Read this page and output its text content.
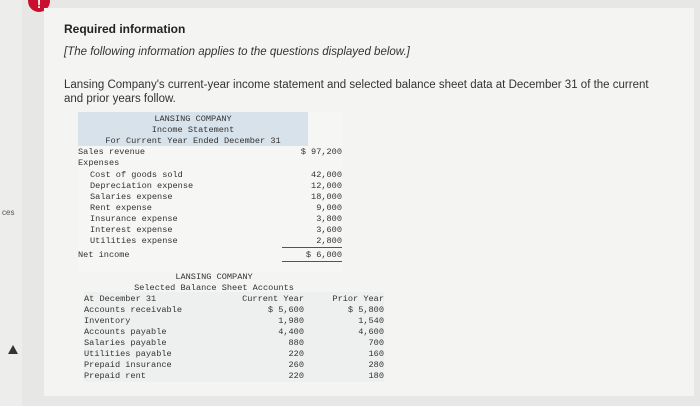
ces
!
Required information
[The following information applies to the questions displayed below.]
Lansing Company's current-year income statement and selected balance sheet data at December 31 of the current and prior years follow.
LANSING COMPANY
Income Statement
For Current Year Ended December 31
Sales revenue	$ 97,200
Expenses
Cost of goods sold	42,000
Depreciation expense	12,000
Salaries expense	18,000
Rent expense	9,000
Insurance expense	3,800
Interest expense	3,600
Utilities expense	2,800
Net income	$ 6,000
LANSING COMPANY
Selected Balance Sheet Accounts
At December 31	Current Year	Prior Year
Accounts receivable	$ 5,600	$ 5,800
Inventory	1,980	1,540
Accounts payable	4,400	4,600
Salaries payable	880	700
Utilities payable	220	160
Prepaid insurance	260	280
Prepaid rent	220	180
